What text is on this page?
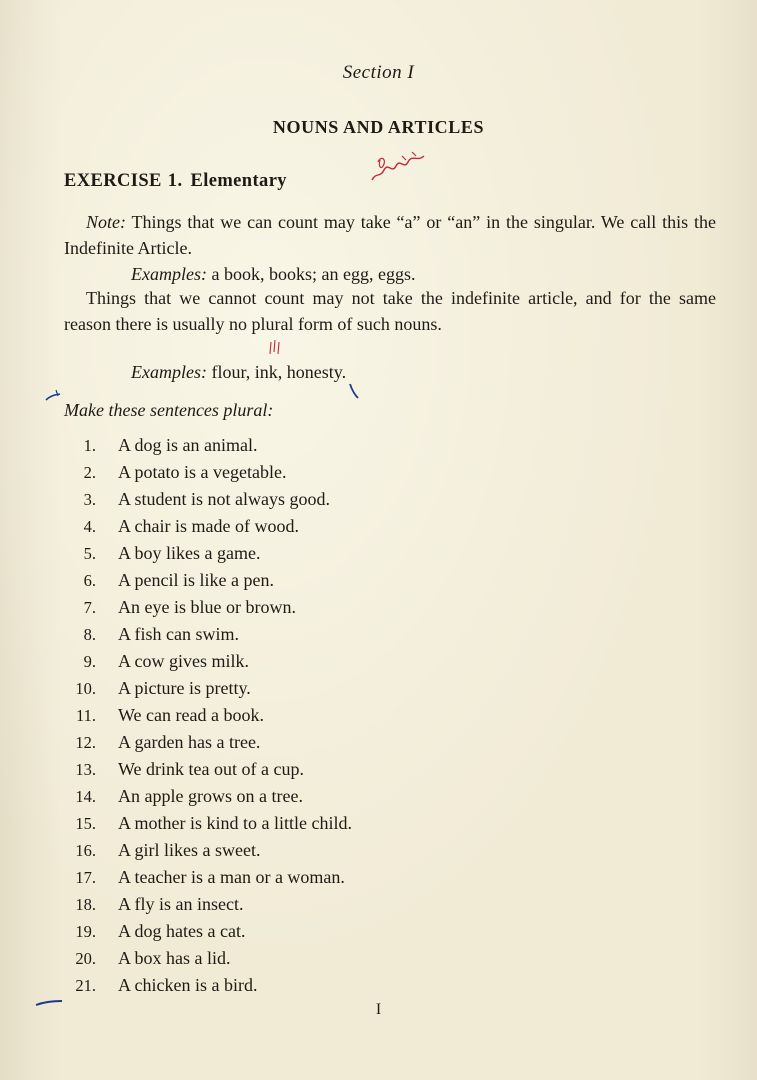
Section I
NOUNS AND ARTICLES
EXERCISE 1. Elementary
Note: Things that we can count may take “a” or “an” in the singular. We call this the Indefinite Article.
Examples: a book, books; an egg, eggs.
Things that we cannot count may not take the indefinite article, and for the same reason there is usually no plural form of such nouns.
Examples: flour, ink, honesty.
Make these sentences plural:
1. A dog is an animal.
2. A potato is a vegetable.
3. A student is not always good.
4. A chair is made of wood.
5. A boy likes a game.
6. A pencil is like a pen.
7. An eye is blue or brown.
8. A fish can swim.
9. A cow gives milk.
10. A picture is pretty.
11. We can read a book.
12. A garden has a tree.
13. We drink tea out of a cup.
14. An apple grows on a tree.
15. A mother is kind to a little child.
16. A girl likes a sweet.
17. A teacher is a man or a woman.
18. A fly is an insect.
19. A dog hates a cat.
20. A box has a lid.
21. A chicken is a bird.
I
